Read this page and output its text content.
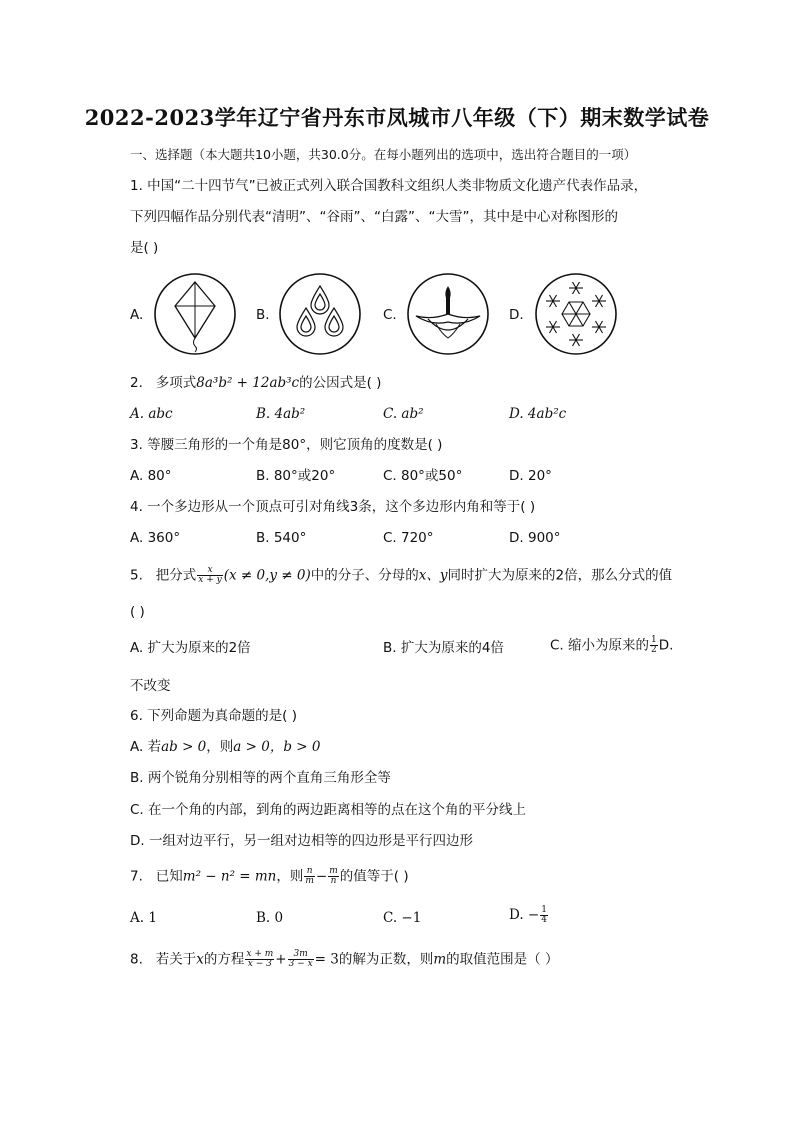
2022-2023学年辽宁省丹东市凤城市八年级（下）期末数学试卷
一、选择题（本大题共10小题，共30.0分。在每小题列出的选项中，选出符合题目的一项）
1. 中国“二十四节气”已被正式列入联合国教科文组织人类非物质文化遗产代表作品录，
下列四幅作品分别代表“清明”、“谷雨”、“白露”、“大雪”，其中是中心对称图形的
是( )
A.	B.	C.	D.
2. 多项式8a³b² + 12ab³c的公因式是( )
A. abc	B. 4ab²	C. ab²	D. 4ab²c
3. 等腰三角形的一个角是80°，则它顶角的度数是( )
A. 80°	B. 80°或20°	C. 80°或50°	D. 20°
4. 一个多边形从一个顶点可引对角线3条，这个多边形内角和等于( )
A. 360°	B. 540°	C. 720°	D. 900°
5. 把分式 $\frac{x}{x + y} (x \ne 0,y \ne 0)$中的分子、分母的x、y同时扩大为原来的2倍，那么分式的值
( )
A. 扩大为原来的2倍	B. 扩大为原来的4倍	C. 缩小为原来的 $\frac{1}{2} D$.
不改变
6. 下列命题为真命题的是( )
A. 若ab > 0，则a > 0，b > 0
B. 两个锐角分别相等的两个直角三角形全等
C. 在一个角的内部，到角的两边距离相等的点在这个角的平分线上
D. 一组对边平行，另一组对边相等的四边形是平行四边形
7. 已知m² − n² = mn，则 $\frac{n}{m} - \frac{m}{n}$ 的值等于( )
A. 1	B. 0	C. −1	D. − $\frac{1}{4}$
8. 若关于x的方程 $\frac{x + m}{x - 3} + \frac{3m}{3 - x} = 3$的解为正数，则m的取值范围是（ ）
